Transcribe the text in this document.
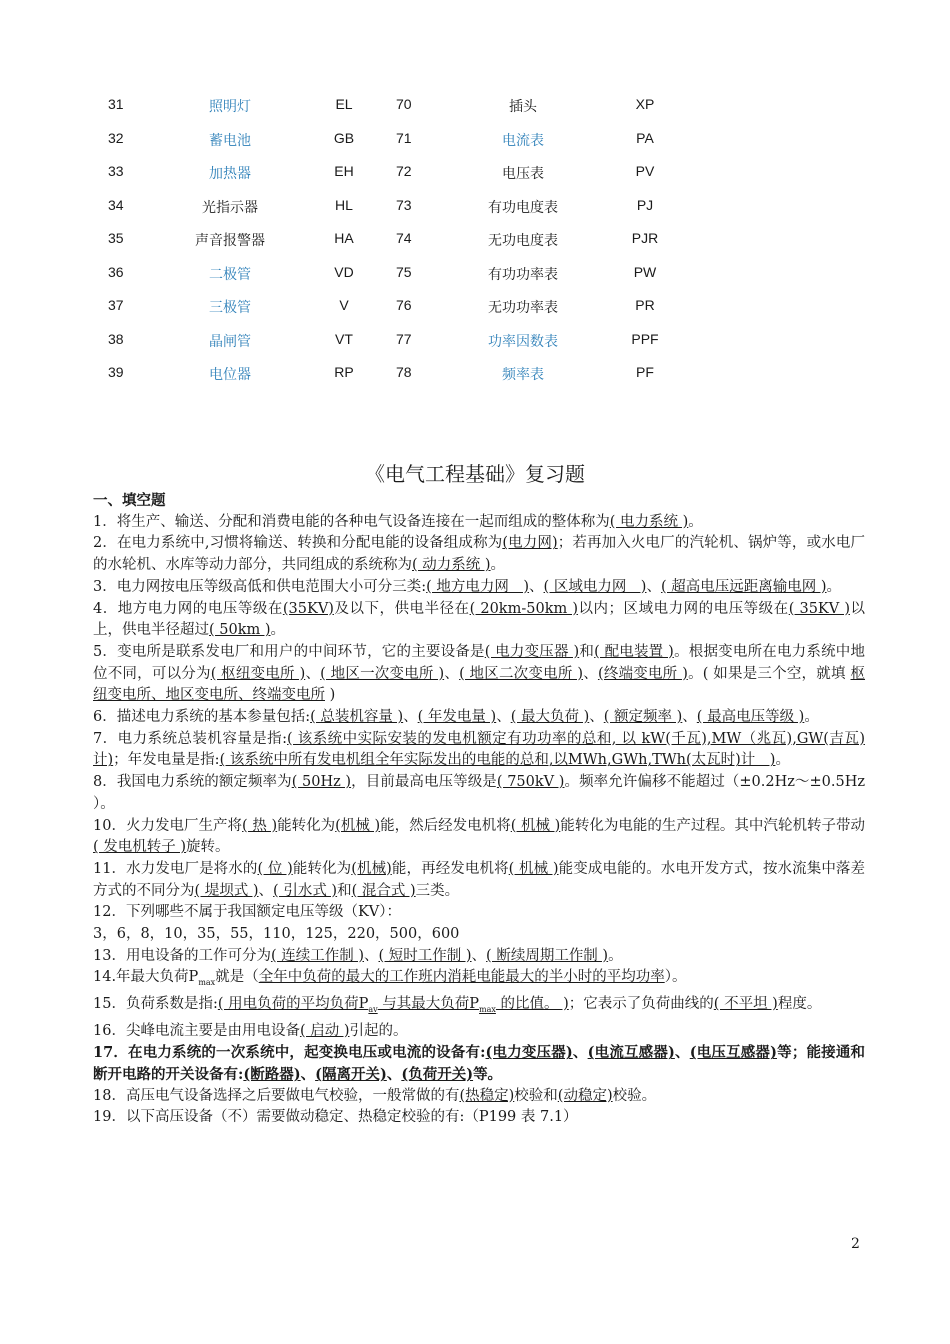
31	照明灯	EL	70	插头	XP
32	蓄电池	GB	71	电流表	PA
33	加热器	EH	72	电压表	PV
34	光指示器	HL	73	有功电度表	PJ
35	声音报警器	HA	74	无功电度表	PJR
36	二极管	VD	75	有功功率表	PW
37	三极管	V	76	无功功率表	PR
38	晶闸管	VT	77	功率因数表	PPF
39	电位器	RP	78	频率表	PF
《电气工程基础》复习题

一、填空题

1．将生产、输送、分配和消费电能的各种电气设备连接在一起而组成的整体称为( 电力系统 )。

2．在电力系统中,习惯将输送、转换和分配电能的设备组成称为(电力网)；若再加入火电厂的汽轮机、锅炉等，或水电厂的水轮机、水库等动力部分，共同组成的系统称为( 动力系统 )。

3．电力网按电压等级高低和供电范围大小可分三类:( 地方电力网　)、( 区域电力网　)、( 超高电压远距离输电网 )。

4．地方电力网的电压等级在(35KV)及以下，供电半径在( 20km-50km )以内；区域电力网的电压等级在( 35KV )以上，供电半径超过( 50km )。

5．变电所是联系发电厂和用户的中间环节，它的主要设备是( 电力变压器 )和( 配电装置 )。根据变电所在电力系统中地位不同，可以分为( 枢纽变电所 )、( 地区一次变电所 )、( 地区二次变电所 )、(终端变电所 )。( 如果是三个空，就填 枢纽变电所、地区变电所、终端变电所 )

6．描述电力系统的基本参量包括:( 总装机容量 )、( 年发电量 )、( 最大负荷 )、( 额定频率 )、( 最高电压等级 )。

7．电力系统总装机容量是指:( 该系统中实际安装的发电机额定有功功率的总和, 以 kW(千瓦),MW（兆瓦),GW(吉瓦) 计)；年发电量是指:( 该系统中所有发电机组全年实际发出的电能的总和,以MWh,GWh,TWh(太瓦时)计　)。

8．我国电力系统的额定频率为( 50Hz )，目前最高电压等级是( 750kV )。频率允许偏移不能超过（±0.2Hz～±0.5Hz ）。

10．火力发电厂生产将( 热 )能转化为(机械 )能，然后经发电机将( 机械 )能转化为电能的生产过程。其中汽轮机转子带动( 发电机转子 )旋转。

11．水力发电厂是将水的( 位 )能转化为(机械)能，再经发电机将( 机械 )能变成电能的。水电开发方式，按水流集中落差方式的不同分为( 堤坝式 )、( 引水式 )和( 混合式 )三类。

12．下列哪些不属于我国额定电压等级（KV）：

3，6，8，10，35，55，110，125，220，500，600

13．用电设备的工作可分为( 连续工作制 )、( 短时工作制 )、( 断续周期工作制 )。

14.年最大负荷$P_{max}$就是（全年中负荷的最大的工作班内消耗电能最大的半小时的平均功率）。

15．负荷系数是指:( 用电负荷的平均负荷$P_{av}$ 与其最大负荷$P_{max}$ 的比值。 )；它表示了负荷曲线的( 不平坦 )程度。

16．尖峰电流主要是由用电设备( 启动 )引起的。

17．在电力系统的一次系统中，起变换电压或电流的设备有:(电力变压器)、(电流互感器)、(电压互感器)等；能接通和断开电路的开关设备有:(断路器)、(隔离开关)、(负荷开关)等。

18．高压电气设备选择之后要做电气校验，一般常做的有(热稳定)校验和(动稳定)校验。

19．以下高压设备（不）需要做动稳定、热稳定校验的有:（P199 表 7.1）

2
